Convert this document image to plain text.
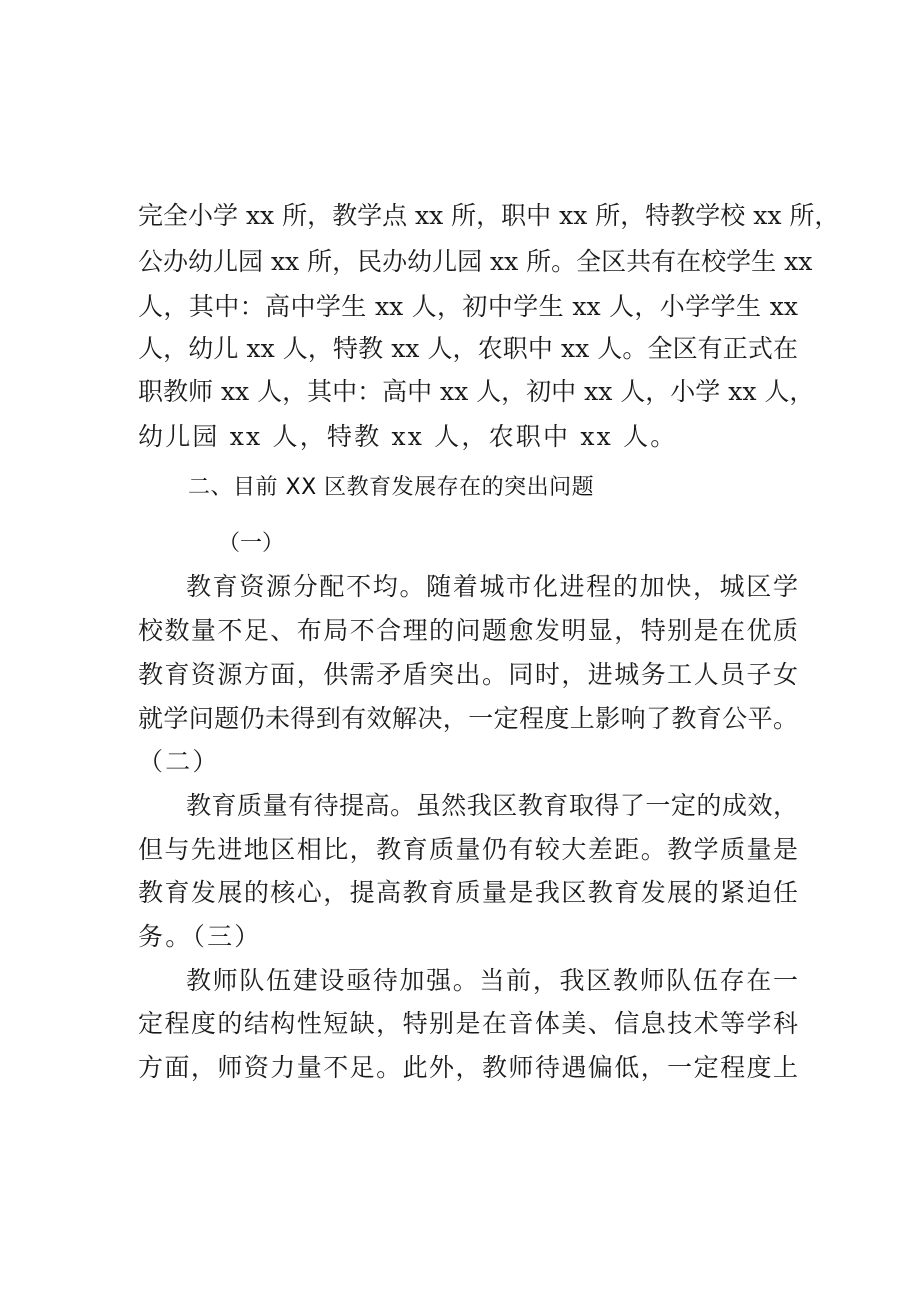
完全小学 xx 所，教学点 xx 所，职中 xx 所，特教学校 xx 所，
公办幼儿园 xx 所，民办幼儿园 xx 所。全区共有在校学生 xx
人，其中：高中学生 xx 人，初中学生 xx 人，小学学生 xx
人，幼儿 xx 人，特教 xx 人，农职中 xx 人。全区有正式在
职教师 xx 人，其中：高中 xx 人，初中 xx 人，小学 xx 人，
幼儿园 xx 人，特教 xx 人，农职中 xx 人。
二、目前 XX 区教育发展存在的突出问题
（一）
教育资源分配不均。随着城市化进程的加快，城区学
校数量不足、布局不合理的问题愈发明显，特别是在优质
教育资源方面，供需矛盾突出。同时，进城务工人员子女
就学问题仍未得到有效解决，一定程度上影响了教育公平。
（二）
教育质量有待提高。虽然我区教育取得了一定的成效，
但与先进地区相比，教育质量仍有较大差距。教学质量是
教育发展的核心，提高教育质量是我区教育发展的紧迫任
务。（三）
教师队伍建设亟待加强。当前，我区教师队伍存在一
定程度的结构性短缺，特别是在音体美、信息技术等学科
方面，师资力量不足。此外，教师待遇偏低，一定程度上
